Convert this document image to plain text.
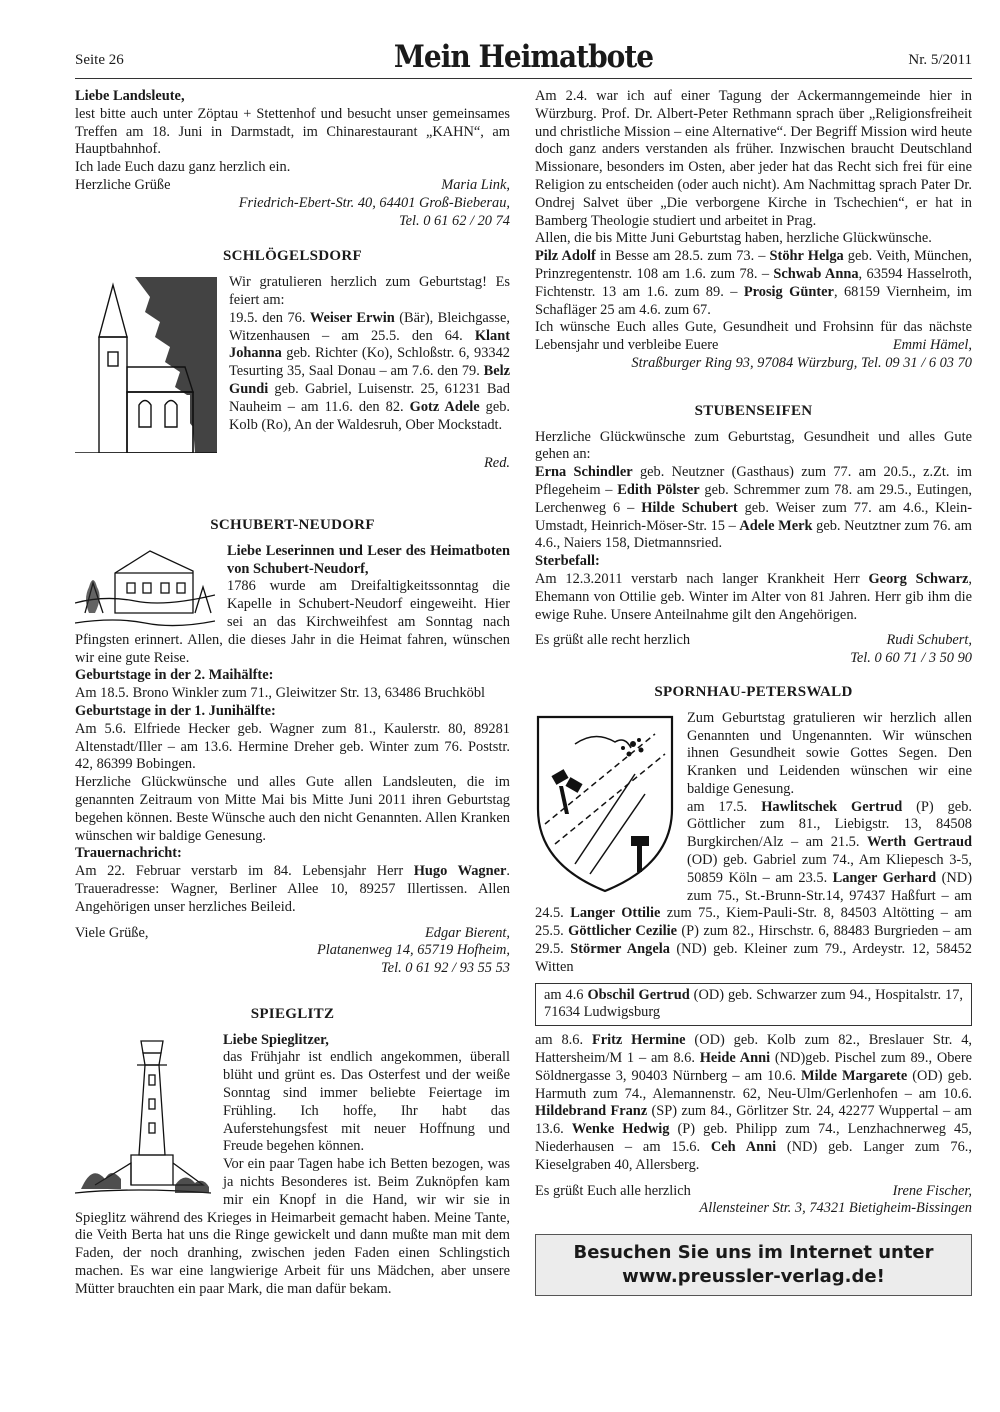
Seite 26	Mein Heimatbote	Nr. 5/2011

Liebe Landsleute,

lest bitte auch unter Zöptau + Stettenhof und besucht unser gemeinsames Treffen am 18. Juni in Darmstadt, im Chinarestaurant „KAHN“, am Hauptbahnhof.

Ich lade Euch dazu ganz herzlich ein.

Herzliche Grüße	Maria Link,

Friedrich-Ebert-Str. 40, 64401 Groß-Bieberau,

Tel. 0 61 62 / 20 74

SCHLÖGELSDORF

Wir gratulieren herzlich zum Geburtstag! Es feiert am:

19.5. den 76. Weiser Erwin (Bär), Bleichgasse, Witzenhausen – am 25.5. den 64. Klant Johanna geb. Richter (Ko), Schloßstr. 6, 93342 Tesurting 35, Saal Donau – am 7.6. den 79. Belz Gundi geb. Gabriel, Luisenstr. 25, 61231 Bad Nauheim – am 11.6. den 82. Gotz Adele geb. Kolb (Ro), An der Waldesruh, Ober Mockstadt.

Red.

SCHUBERT-NEUDORF

Liebe Leserinnen und Leser des Heimatboten von Schubert-Neudorf,

1786 wurde am Dreifaltigkeitssonntag die Kapelle in Schubert-Neudorf eingeweiht. Hier sei an das Kirchweihfest am Sonntag nach Pfingsten erinnert. Allen, die dieses Jahr in die Heimat fahren, wünschen wir eine gute Reise.

Geburtstage in der 2. Maihälfte:

Am 18.5. Brono Winkler zum 71., Gleiwitzer Str. 13, 63486 Bruchköbl

Geburtstage in der 1. Junihälfte:

Am 5.6. Elfriede Hecker geb. Wagner zum 81., Kaulerstr. 80, 89281 Altenstadt/Iller – am 13.6. Hermine Dreher geb. Winter zum 76. Poststr. 42, 86399 Bobingen.

Herzliche Glückwünsche und alles Gute allen Landsleuten, die im genannten Zeitraum von Mitte Mai bis Mitte Juni 2011 ihren Geburtstag begehen können. Beste Wünsche auch den nicht Genannten. Allen Kranken wünschen wir baldige Genesung.

Trauernachricht:

Am 22. Februar verstarb im 84. Lebensjahr Herr Hugo Wagner. Traueradresse: Wagner, Berliner Allee 10, 89257 Illertissen. Allen Angehörigen unser herzliches Beileid.

Viele Grüße,	Edgar Bierent,

Platanenweg 14, 65719 Hofheim,

Tel. 0 61 92 / 93 55 53

SPIEGLITZ

Liebe Spieglitzer,

das Frühjahr ist endlich angekommen, überall blüht und grünt es. Das Osterfest und der weiße Sonntag sind immer beliebte Feiertage im Frühling. Ich hoffe, Ihr habt das Auferstehungsfest mit neuer Hoffnung und Freude begehen können.

Vor ein paar Tagen habe ich Betten bezogen, was ja nichts Besonderes ist. Beim Zuknöpfen kam mir ein Knopf in die Hand, wir wir sie in Spieglitz während des Krieges in Heimarbeit gemacht haben. Meine Tante, die Veith Berta hat uns die Ringe gewickelt und dann mußte man mit dem Faden, der noch dranhing, zwischen jeden Faden einen Schlingstich machen. Es war eine langwierige Arbeit für uns Mädchen, aber unsere Mütter brauchten ein paar Mark, die man dafür bekam.

Am 2.4. war ich auf einer Tagung der Ackermanngemeinde hier in Würzburg. Prof. Dr. Albert-Peter Rethmann sprach über „Religionsfreiheit und christliche Mission – eine Alternative“. Der Begriff Mission wird heute doch ganz anders verstanden als früher. Inzwischen braucht Deutschland Missionare, besonders im Osten, aber jeder hat das Recht sich frei für eine Religion zu entscheiden (oder auch nicht). Am Nachmittag sprach Pater Dr. Ondrej Salvet über „Die verborgene Kirche in Tschechien“, er hat in Bamberg Theologie studiert und arbeitet in Prag.

Allen, die bis Mitte Juni Geburtstag haben, herzliche Glückwünsche.

Pilz Adolf in Besse am 28.5. zum 73. – Stöhr Helga geb. Veith, München, Prinzregentenstr. 108 am 1.6. zum 78. – Schwab Anna, 63594 Hasselroth, Fichtenstr. 13 am 1.6. zum 89. – Prosig Günter, 68159 Viernheim, im Schafläger 25 am 4.6. zum 67.

Ich wünsche Euch alles Gute, Gesundheit und Frohsinn für das nächste Lebensjahr und verbleibe Euere	Emmi Hämel,

Straßburger Ring 93, 97084 Würzburg, Tel. 09 31 / 6 03 70

STUBENSEIFEN

Herzliche Glückwünsche zum Geburtstag, Gesundheit und alles Gute gehen an:

Erna Schindler geb. Neutzner (Gasthaus) zum 77. am 20.5., z.Zt. im Pflegeheim – Edith Pölster geb. Schremmer zum 78. am 29.5., Eutingen, Lerchenweg 6 – Hilde Schubert geb. Weiser zum 77. am 4.6., Klein-Umstadt, Heinrich-Möser-Str. 15 – Adele Merk geb. Neutztner zum 76. am 4.6., Naiers 158, Dietmannsried.

Sterbefall:

Am 12.3.2011 verstarb nach langer Krankheit Herr Georg Schwarz, Ehemann von Ottilie geb. Winter im Alter von 81 Jahren. Herr gib ihm die ewige Ruhe. Unsere Anteilnahme gilt den Angehörigen.

Es grüßt alle recht herzlich	Rudi Schubert,

Tel. 0 60 71 / 3 50 90

SPORNHAU-PETERSWALD

Zum Geburtstag gratulieren wir herzlich allen Genannten und Ungenannten. Wir wünschen ihnen Gesundheit sowie Gottes Segen. Den Kranken und Leidenden wünschen wir eine baldige Genesung.

am 17.5. Hawlitschek Gertrud (P) geb. Göttlicher zum 81., Liebigstr. 13, 84508 Burgkirchen/Alz – am 21.5. Werth Gertraud (OD) geb. Gabriel zum 74., Am Kliepesch 3-5, 50859 Köln – am 23.5. Langer Gerhard (ND) zum 75., St.-Brunn-Str.14, 97437 Haßfurt – am 24.5. Langer Ottilie zum 75., Kiem-Pauli-Str. 8, 84503 Altötting – am 25.5. Göttlicher Cezilie (P) zum 82., Hirschstr. 6, 88483 Burgrieden – am 29.5. Störmer Angela (ND) geb. Kleiner zum 79., Ardeystr. 12, 58452 Witten

am 4.6 Obschil Gertrud (OD) geb. Schwarzer zum 94., Hospitalstr. 17, 71634 Ludwigsburg

am 8.6. Fritz Hermine (OD) geb. Kolb zum 82., Breslauer Str. 4, Hattersheim/M 1 – am 8.6. Heide Anni (ND)geb. Pischel zum 89., Obere Söldnergasse 3, 90403 Nürnberg – am 10.6. Milde Margarete (OD) geb. Harmuth zum 74., Alemannenstr. 62, Neu-Ulm/Gerlenhofen – am 10.6. Hildebrand Franz (SP) zum 84., Görlitzer Str. 24, 42277 Wuppertal – am 13.6. Wenke Hedwig (P) geb. Philipp zum 74., Lenzhachnerweg 45, Niederhausen – am 15.6. Ceh Anni (ND) geb. Langer zum 76., Kieselgraben 40, Allersberg.

Es grüßt Euch alle herzlich	Irene Fischer,

Allensteiner Str. 3, 74321 Bietigheim-Bissingen

Besuchen Sie uns im Internet unter
www.preussler-verlag.de!
